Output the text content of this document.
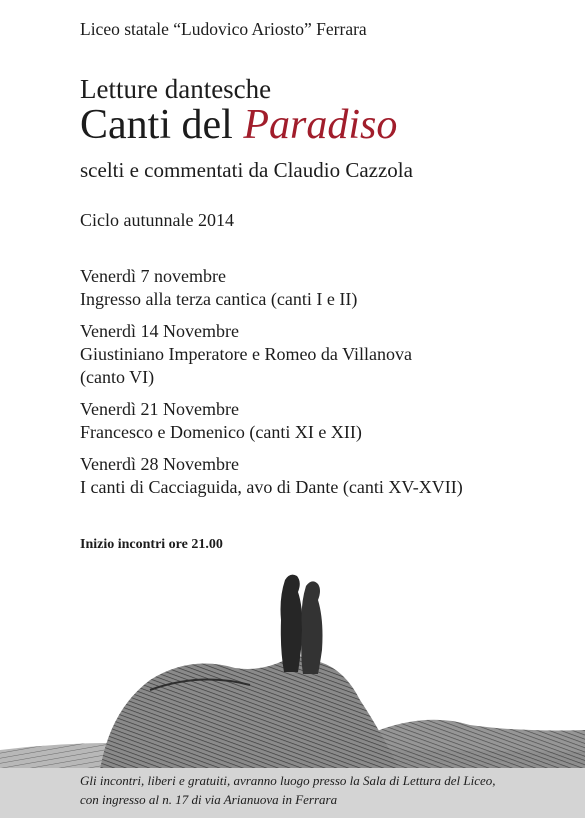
Liceo statale “Ludovico Ariosto” Ferrara
Letture dantesche
Canti del Paradiso
scelti e commentati da Claudio Cazzola
Ciclo autunnale 2014
Venerdì 7 novembre
Ingresso alla terza cantica (canti I e II)
Venerdì 14 Novembre
Giustiniano Imperatore e Romeo da Villanova
(canto VI)
Venerdì 21 Novembre
Francesco e Domenico (canti XI e XII)
Venerdì 28 Novembre
I canti di Cacciaguida, avo di Dante (canti XV-XVII)
Inizio incontri ore 21.00
Gli incontri, liberi e gratuiti, avranno luogo presso la Sala di Lettura del Liceo,
con ingresso al n. 17 di via Arianuova in Ferrara
